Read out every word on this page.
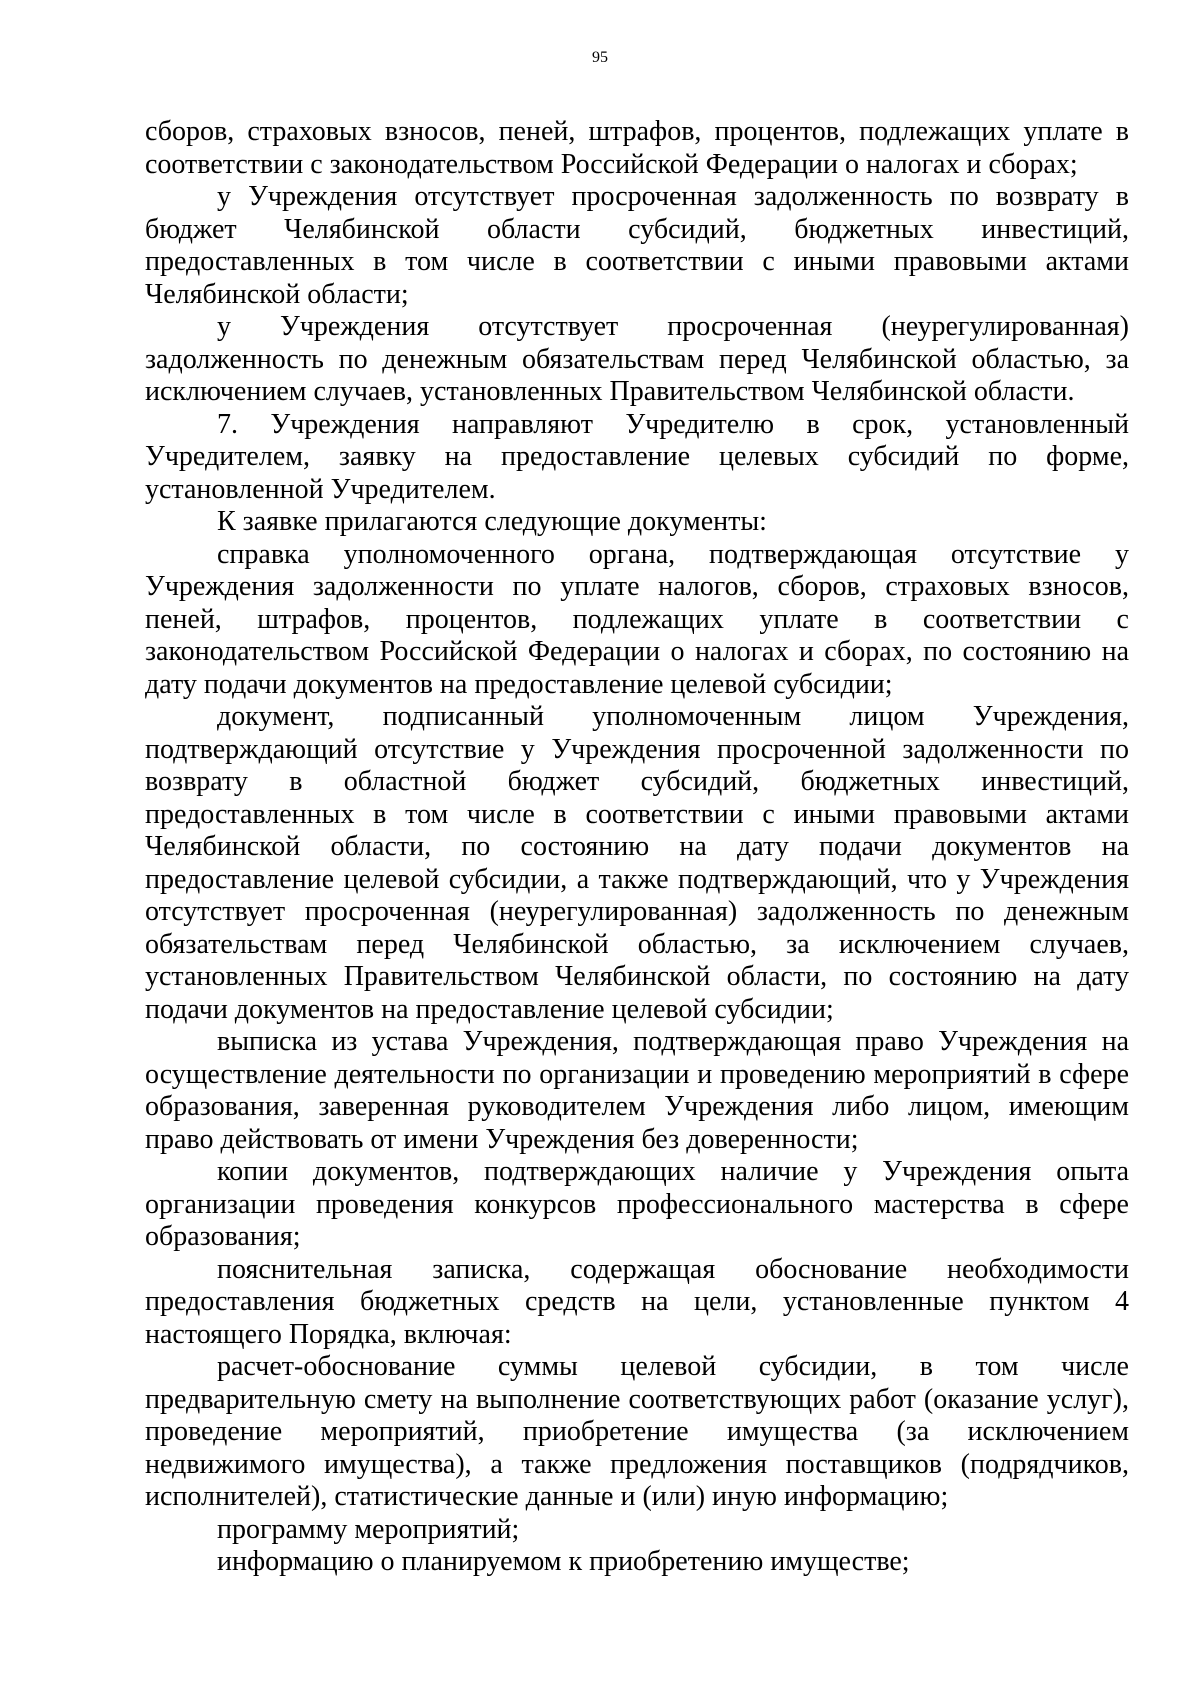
95

сборов, страховых взносов, пеней, штрафов, процентов, подлежащих уплате в соответствии с законодательством Российской Федерации о налогах и сборах;

у Учреждения отсутствует просроченная задолженность по возврату в бюджет Челябинской области субсидий, бюджетных инвестиций, предоставленных в том числе в соответствии с иными правовыми актами Челябинской области;

у Учреждения отсутствует просроченная (неурегулированная) задолженность по денежным обязательствам перед Челябинской областью, за исключением случаев, установленных Правительством Челябинской области.

7. Учреждения направляют Учредителю в срок, установленный Учредителем, заявку на предоставление целевых субсидий по форме, установленной Учредителем.

К заявке прилагаются следующие документы:

справка уполномоченного органа, подтверждающая отсутствие у Учреждения задолженности по уплате налогов, сборов, страховых взносов, пеней, штрафов, процентов, подлежащих уплате в соответствии с законодательством Российской Федерации о налогах и сборах, по состоянию на дату подачи документов на предоставление целевой субсидии;

документ, подписанный уполномоченным лицом Учреждения, подтверждающий отсутствие у Учреждения просроченной задолженности по возврату в областной бюджет субсидий, бюджетных инвестиций, предоставленных в том числе в соответствии с иными правовыми актами Челябинской области, по состоянию на дату подачи документов на предоставление целевой субсидии, а также подтверждающий, что у Учреждения отсутствует просроченная (неурегулированная) задолженность по денежным обязательствам перед Челябинской областью, за исключением случаев, установленных Правительством Челябинской области, по состоянию на дату подачи документов на предоставление целевой субсидии;

выписка из устава Учреждения, подтверждающая право Учреждения на осуществление деятельности по организации и проведению мероприятий в сфере образования, заверенная руководителем Учреждения либо лицом, имеющим право действовать от имени Учреждения без доверенности;

копии документов, подтверждающих наличие у Учреждения опыта организации проведения конкурсов профессионального мастерства в сфере образования;

пояснительная записка, содержащая обоснование необходимости предоставления бюджетных средств на цели, установленные пунктом 4 настоящего Порядка, включая:

расчет-обоснование суммы целевой субсидии, в том числе предварительную смету на выполнение соответствующих работ (оказание услуг), проведение мероприятий, приобретение имущества (за исключением недвижимого имущества), а также предложения поставщиков (подрядчиков, исполнителей), статистические данные и (или) иную информацию;

программу мероприятий;

информацию о планируемом к приобретению имуществе;
